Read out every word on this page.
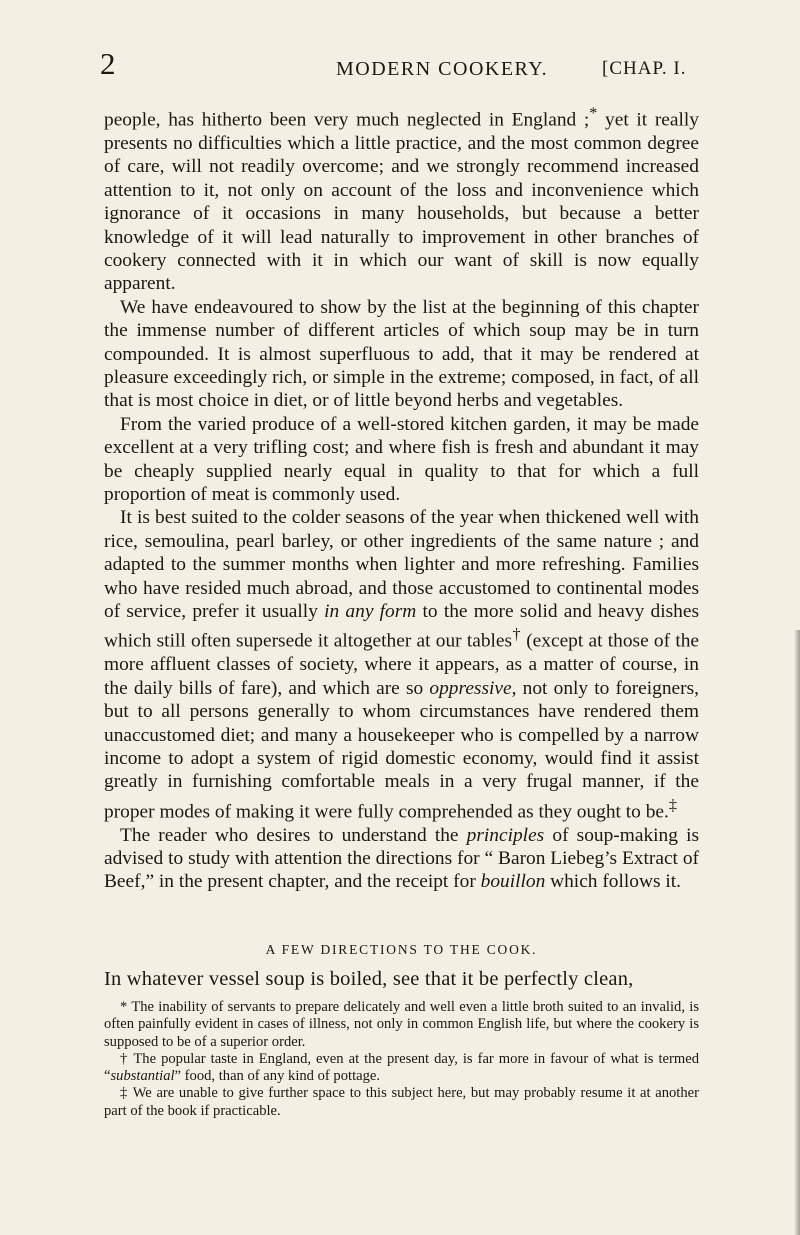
2	MODERN COOKERY.	[CHAP. I.

people, has hitherto been very much neglected in England ;* yet it really presents no difficulties which a little practice, and the most common degree of care, will not readily overcome; and we strongly recommend increased attention to it, not only on account of the loss and inconvenience which ignorance of it occasions in many households, but because a better knowledge of it will lead naturally to improvement in other branches of cookery connected with it in which our want of skill is now equally apparent.

We have endeavoured to show by the list at the beginning of this chapter the immense number of different articles of which soup may be in turn compounded. It is almost superfluous to add, that it may be rendered at pleasure exceedingly rich, or simple in the extreme; composed, in fact, of all that is most choice in diet, or of little beyond herbs and vegetables.

From the varied produce of a well-stored kitchen garden, it may be made excellent at a very trifling cost; and where fish is fresh and abundant it may be cheaply supplied nearly equal in quality to that for which a full proportion of meat is commonly used.

It is best suited to the colder seasons of the year when thickened well with rice, semoulina, pearl barley, or other ingredients of the same nature ; and adapted to the summer months when lighter and more refreshing. Families who have resided much abroad, and those accustomed to continental modes of service, prefer it usually in any form to the more solid and heavy dishes which still often supersede it altogether at our tables† (except at those of the more affluent classes of society, where it appears, as a matter of course, in the daily bills of fare), and which are so oppressive, not only to foreigners, but to all persons generally to whom circumstances have rendered them unaccustomed diet; and many a housekeeper who is compelled by a narrow income to adopt a system of rigid domestic economy, would find it assist greatly in furnishing comfortable meals in a very frugal manner, if the proper modes of making it were fully comprehended as they ought to be.‡

The reader who desires to understand the principles of soup-making is advised to study with attention the directions for “ Baron Liebeg’s Extract of Beef,” in the present chapter, and the receipt for bouillon which follows it.

A FEW DIRECTIONS TO THE COOK.
In whatever vessel soup is boiled, see that it be perfectly clean,

* The inability of servants to prepare delicately and well even a little broth suited to an invalid, is often painfully evident in cases of illness, not only in common English life, but where the cookery is supposed to be of a superior order.

† The popular taste in England, even at the present day, is far more in favour of what is termed “substantial” food, than of any kind of pottage.

‡ We are unable to give further space to this subject here, but may probably resume it at another part of the book if practicable.
